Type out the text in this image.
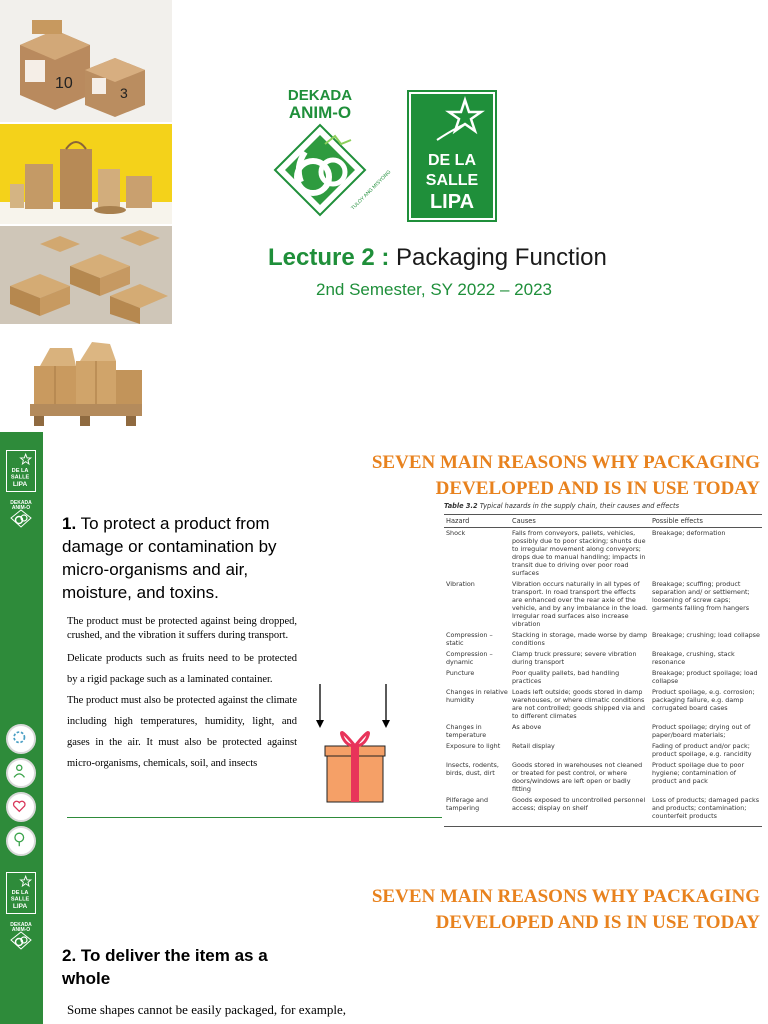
10
3	DEKADA
ANIM-O
TULOY ANG MISYONG
DE LA
SALLE
LIPA
Lecture 2 : Packaging Function
2nd Semester, SY 2022 – 2023
DE LA
SALLE
LIPA
DEKADA
ANIM-O
SEVEN MAIN REASONS WHY PACKAGING
DEVELOPED AND IS IN USE TODAY
1. To protect a product from damage or contamination by micro-organisms and air, moisture, and toxins.

The product must be protected against being dropped, crushed, and the vibration it suffers during transport.

Delicate products such as fruits need to be protected by a rigid package such as a laminated container.

The product must also be protected against the climate including high temperatures, humidity, light, and gases in the air. It must also be protected against micro-organisms, chemicals, soil, and insects

Table 3.2 Typical hazards in the supply chain, their causes and effects
Hazard	Causes	Possible effects
Shock	Falls from conveyors, pallets, vehicles, possibly due to poor stacking; shunts due to irregular movement along conveyors; drops due to manual handling; impacts in transit due to driving over poor road surfaces	Breakage; deformation
Vibration	Vibration occurs naturally in all types of transport. In road transport the effects are enhanced over the rear axle of the vehicle, and by any imbalance in the load. Irregular road surfaces also increase vibration	Breakage; scuffing; product separation and/ or settlement; loosening of screw caps; garments falling from hangers
Compression – static	Stacking in storage, made worse by damp conditions	Breakage; crushing; load collapse
Compression – dynamic	Clamp truck pressure; severe vibration during transport	Breakage, crushing, stack resonance
Puncture	Poor quality pallets, bad handling practices	Breakage; product spoilage; load collapse
Changes in relative humidity	Loads left outside; goods stored in damp warehouses, or where climatic conditions are not controlled; goods shipped via and to different climates	Product spoilage, e.g. corrosion; packaging failure, e.g. damp corrugated board cases
Changes in temperature	As above	Product spoilage; drying out of paper/board materials;
Exposure to light	Retail display	Fading of product and/or pack; product spoilage, e.g. rancidity
Insects, rodents, birds, dust, dirt	Goods stored in warehouses not cleaned or treated for pest control, or where doors/windows are left open or badly fitting	Product spoilage due to poor hygiene; contamination of product and pack
Pilferage and tampering	Goods exposed to uncontrolled personnel access; display on shelf	Loss of products; damaged packs and products; contamination; counterfeit products
DE LA
SALLE
LIPA
DEKADA
ANIM-O
SEVEN MAIN REASONS WHY PACKAGING
DEVELOPED AND IS IN USE TODAY
2. To deliver the item as a whole
Some shapes cannot be easily packaged, for example,
